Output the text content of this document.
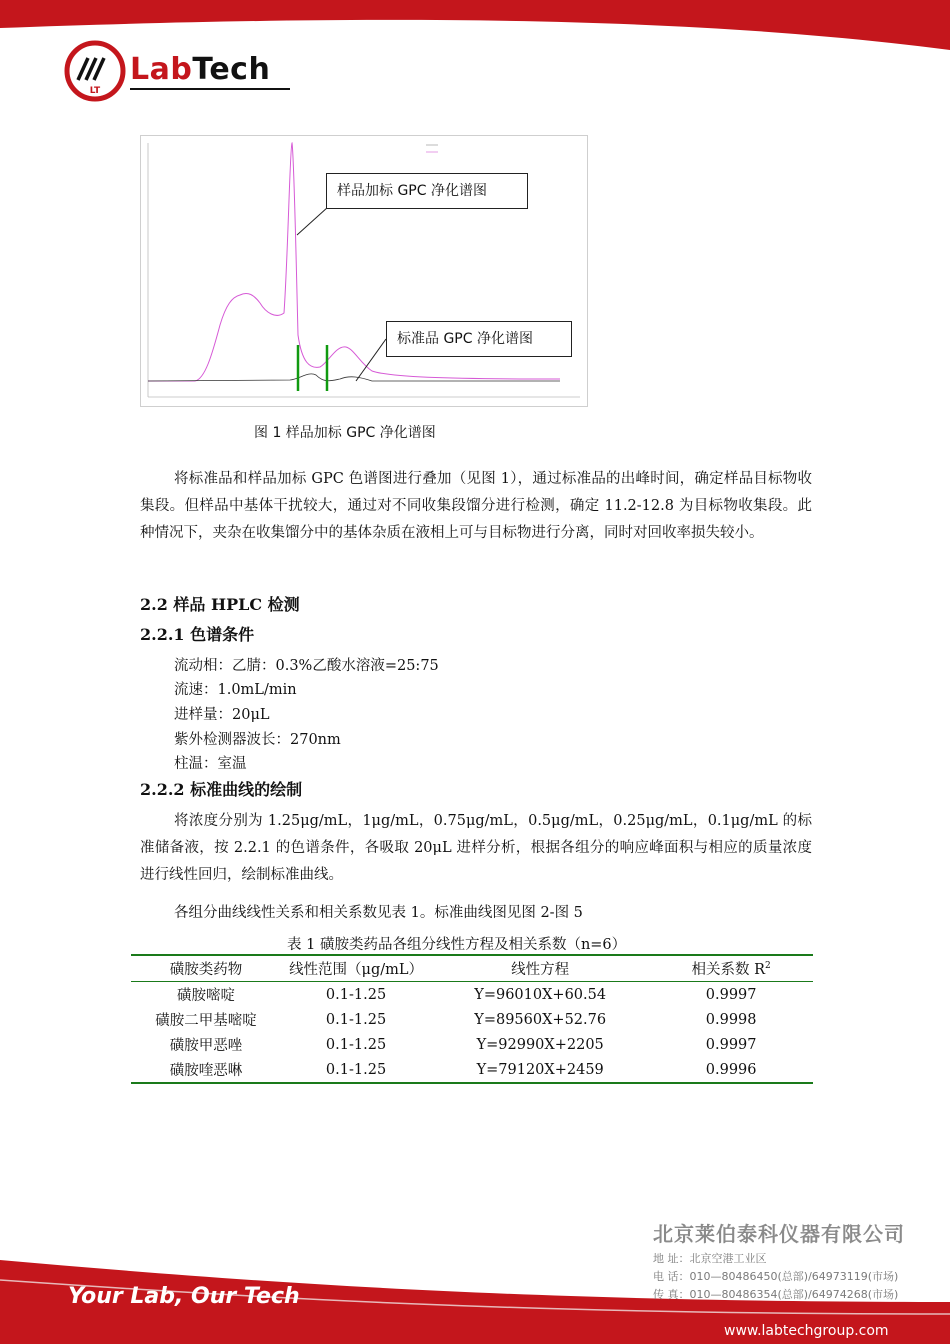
LT
LabTech
样品加标 GPC 净化谱图
标准品 GPC 净化谱图
图 1 样品加标 GPC 净化谱图
将标准品和样品加标 GPC 色谱图进行叠加（见图 1），通过标准品的出峰时间，确定样品目标物收集段。但样品中基体干扰较大，通过对不同收集段馏分进行检测，确定 11.2-12.8 为目标物收集段。此种情况下，夹杂在收集馏分中的基体杂质在液相上可与目标物进行分离，同时对回收率损失较小。
2.2 样品 HPLC 检测
2.2.1 色谱条件
流动相：乙腈：0.3%乙酸水溶液=25:75
流速：1.0mL/min
进样量：20μL
紫外检测器波长：270nm
柱温：室温
2.2.2 标准曲线的绘制
将浓度分别为 1.25μg/mL，1μg/mL，0.75μg/mL，0.5μg/mL，0.25μg/mL，0.1μg/mL 的标准储备液，按 2.2.1 的色谱条件，各吸取 20μL 进样分析，根据各组分的响应峰面积与相应的质量浓度进行线性回归，绘制标准曲线。
各组分曲线线性关系和相关系数见表 1。标准曲线图见图 2-图 5
表 1 磺胺类药品各组分线性方程及相关系数（n=6）
磺胺类药物	线性范围（μg/mL）	线性方程	相关系数 $R^2$
磺胺嘧啶	0.1-1.25	Y=96010X+60.54	0.9997
磺胺二甲基嘧啶	0.1-1.25	Y=89560X+52.76	0.9998
磺胺甲恶唑	0.1-1.25	Y=92990X+2205	0.9997
磺胺喹恶啉	0.1-1.25	Y=79120X+2459	0.9996
北京莱伯泰科仪器有限公司
地 址：北京空港工业区
电 话：010—80486450(总部)/64973119(市场)
传 真：010—80486354(总部)/64974268(市场)
Your Lab, Our Tech
www.labtechgroup.com
